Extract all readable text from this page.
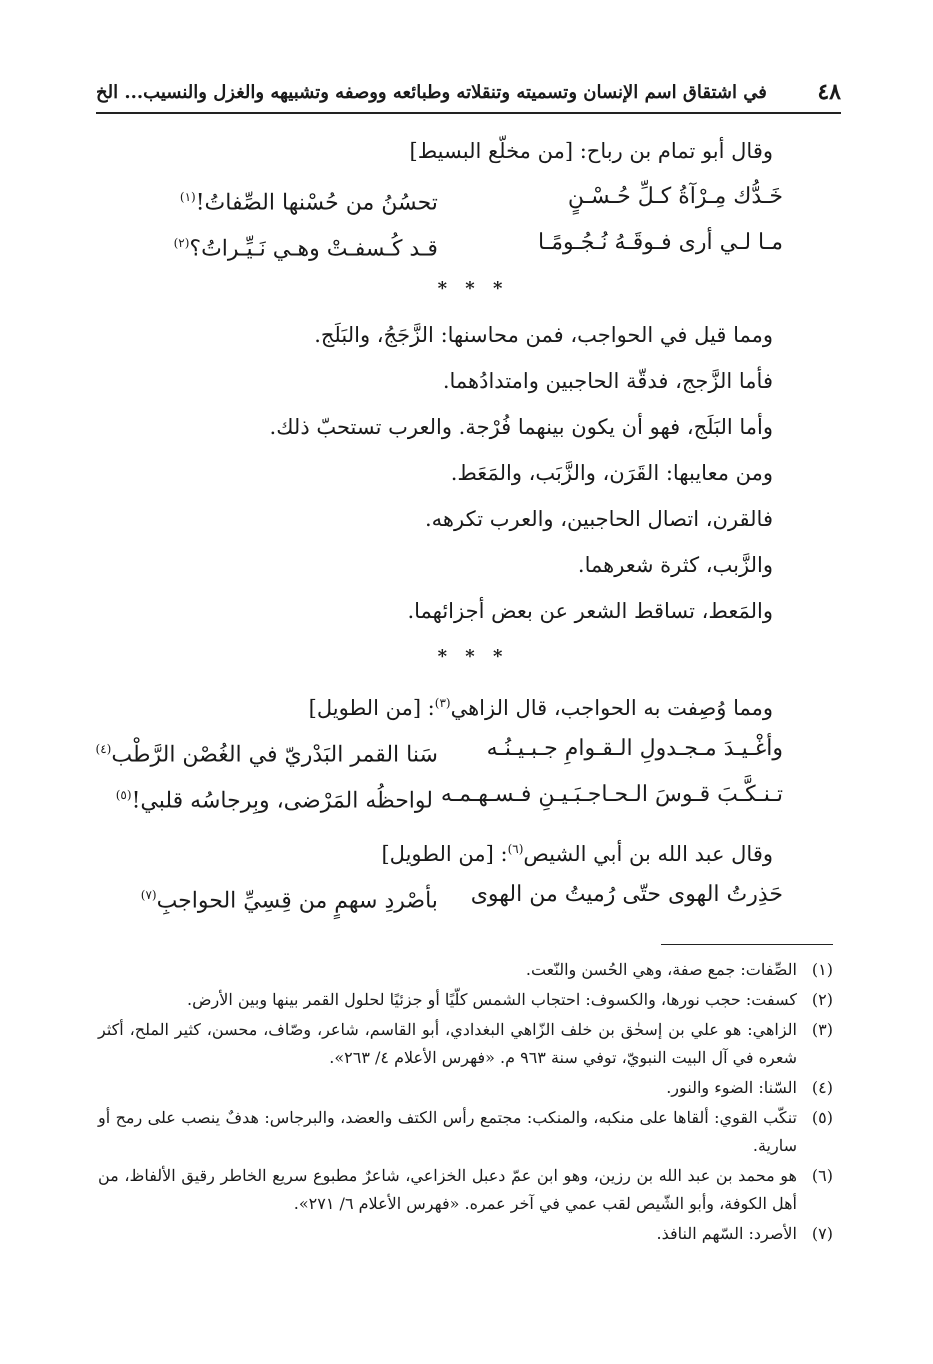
٤٨
في اشتقاق اسم الإنسان وتسميته وتنقلاته وطبائعه ووصفه وتشبيهه والغزل والنسيب... الخ
وقال أبو تمام بن رباح: [من مخلّع البسيط]
خَـدُّك مِـرْآةُ كـلِّ حُـسْـنٍ
تحسُنُ من حُسْنها الصِّفاتُ!$^{(١)}$
مـا لـي أرى فـوقَـهُ نُـجُـومًـا
قـد كُـسفـتْ وهـي نَـيِّـراتُ؟$^{(٢)}$
* * *
ومما قيل في الحواجب، فمن محاسنها: الزَّجَجُ، والبَلَج.
فأما الزَّجج، فدقّة الحاجبين وامتدادُهما.
وأما البَلَج، فهو أن يكون بينهما فُرْجة. والعرب تستحبّ ذلك.
ومن معايبها: القَرَن، والزَّبَب، والمَعَط.
فالقرن، اتصال الحاجبين، والعرب تكرهه.
والزَّبب، كثرة شعرهما.
والمَعط، تساقط الشعر عن بعض أجزائهما.
* * *
ومما وُصِفت به الحواجب، قال الزاهي$^{(٣)}$: [من الطويل]
وأغْـيـدَ مـجـدولِ الـقـوامِ جـبـيـنُـه
سَنا القمر البَدْريّ في الغُصْن الرَّطْب$^{(٤)}$
تـنـكَّـبَ قـوسَ الـحـاجـبَـيـنِ فـسـهـمـه
لواحظُه المَرْضى، وبِرجاسُه قلبي!$^{(٥)}$
وقال عبد الله بن أبي الشيص$^{(٦)}$: [من الطويل]
حَذِرتُ الهوى حتّى رُميتُ من الهوى
بأصْردِ سهمٍ من قِسِيِّ الحواجبِ$^{(٧)}$
(١)
الصِّفات: جمع صفة، وهي الحُسن والنّعت.
(٢)
كسفت: حجب نورها، والكسوف: احتجاب الشمس كلّيًا أو جزئيًا لحلول القمر بينها وبين الأرض.
(٣)
الزاهي: هو علي بن إسحٰق بن خلف الزّاهي البغدادي، أبو القاسم، شاعر، وصّاف، محسن، كثير الملح، أكثر شعره في آل البيت النبويّ، توفي سنة ٩٦٣ م. «فهرس الأعلام ٤/ ٢٦٣».
(٤)
السّنا: الضوء والنور.
(٥)
تنكّب القوي: ألقاها على منكبه، والمنكب: مجتمع رأس الكتف والعضد، والبرجاس: هدفٌ ينصب على رمح أو سارية.
(٦)
هو محمد بن عبد الله بن رزين، وهو ابن عمّ دعبل الخزاعي، شاعرٌ مطبوع سريع الخاطر رقيق الألفاظ، من أهل الكوفة، وأبو الشّيص لقب عمي في آخر عمره. «فهرس الأعلام ٦/ ٢٧١».
(٧)
الأصرد: السّهم النافذ.
